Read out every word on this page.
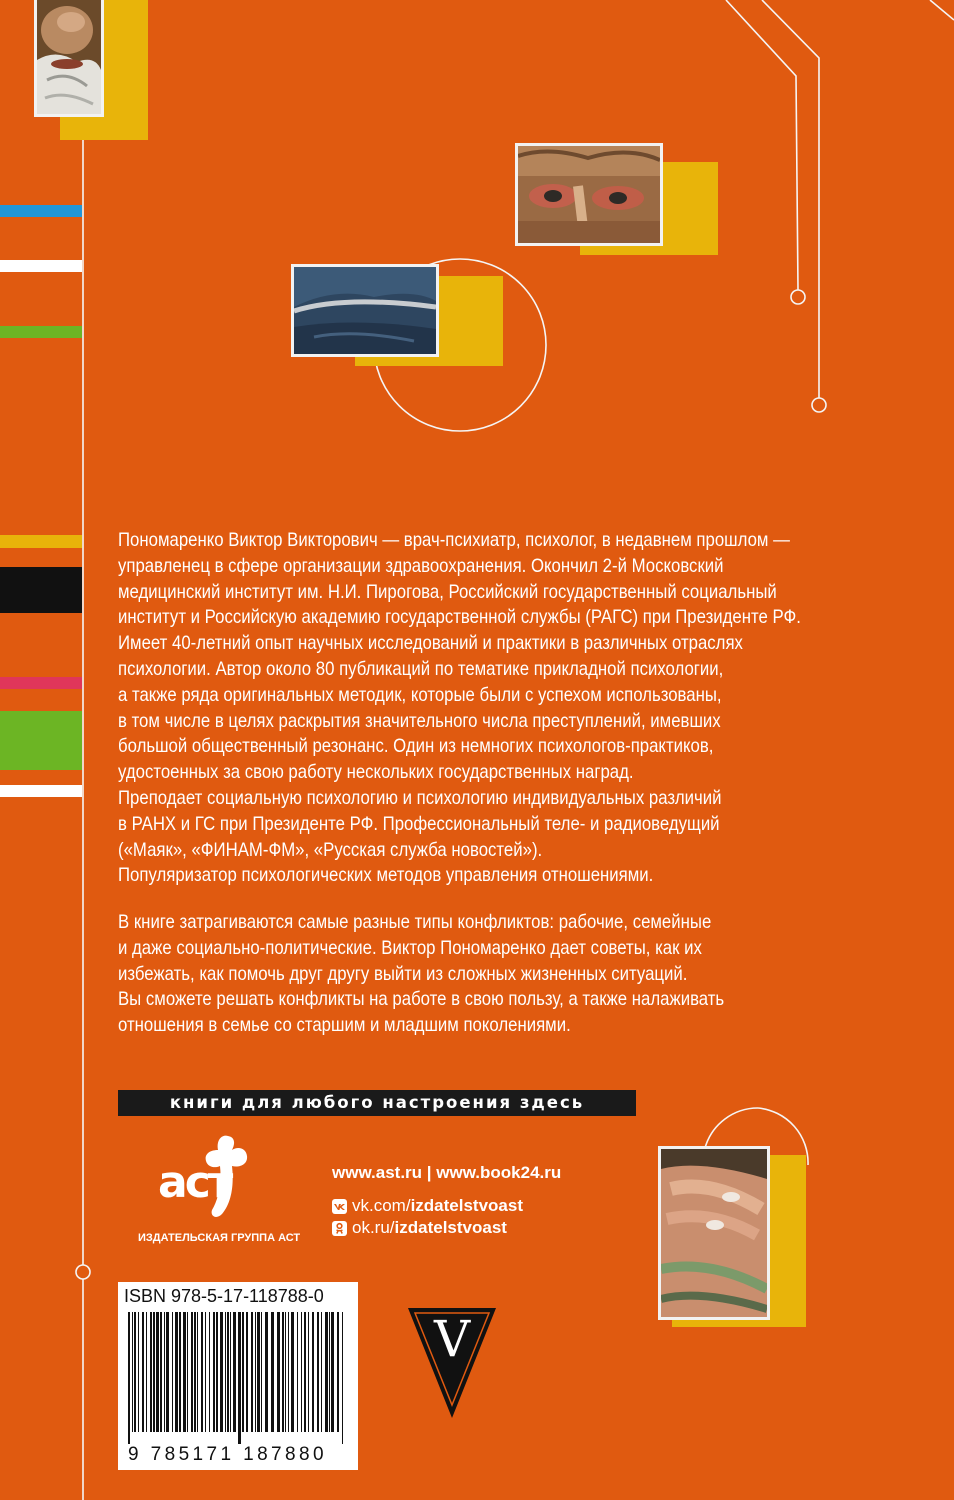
Пономаренко Виктор Викторович — врач-психиатр, психолог, в недавнем прошлом —

управленец в сфере организации здравоохранения. Окончил 2-й Московский

медицинский институт им. Н.И. Пирогова, Российский государственный социальный

институт и Российскую академию государственной службы (РАГС) при Президенте РФ.

Имеет 40-летний опыт научных исследований и практики в различных отраслях

психологии. Автор около 80 публикаций по тематике прикладной психологии,

а также ряда оригинальных методик, которые были с успехом использованы,

в том числе в целях раскрытия значительного числа преступлений, имевших

большой общественный резонанс. Один из немногих психологов-практиков,

удостоенных за свою работу нескольких государственных наград.

Преподает социальную психологию и психологию индивидуальных различий

в РАНХ и ГС при Президенте РФ. Профессиональный теле- и радиоведущий

(«Маяк», «ФИНАМ-ФМ», «Русская служба новостей»).

Популяризатор психологических методов управления отношениями.

В книге затрагиваются самые разные типы конфликтов: рабочие, семейные

и даже социально-политические. Виктор Пономаренко дает советы, как их

избежать, как помочь друг другу выйти из сложных жизненных ситуаций.

Вы сможете решать конфликты на работе в свою пользу, а также налаживать

отношения в семье со старшим и младшим поколениями.

книги для любого настроения здесь
аст
ИЗДАТЕЛЬСКАЯ ГРУППА АСТ
www.ast.ru | www.book24.ru
vk.com/ izdatelstvoast
ok.ru/ izdatelstvoast
ISBN 978-5-17-118788-0
9 785171 187880
V
